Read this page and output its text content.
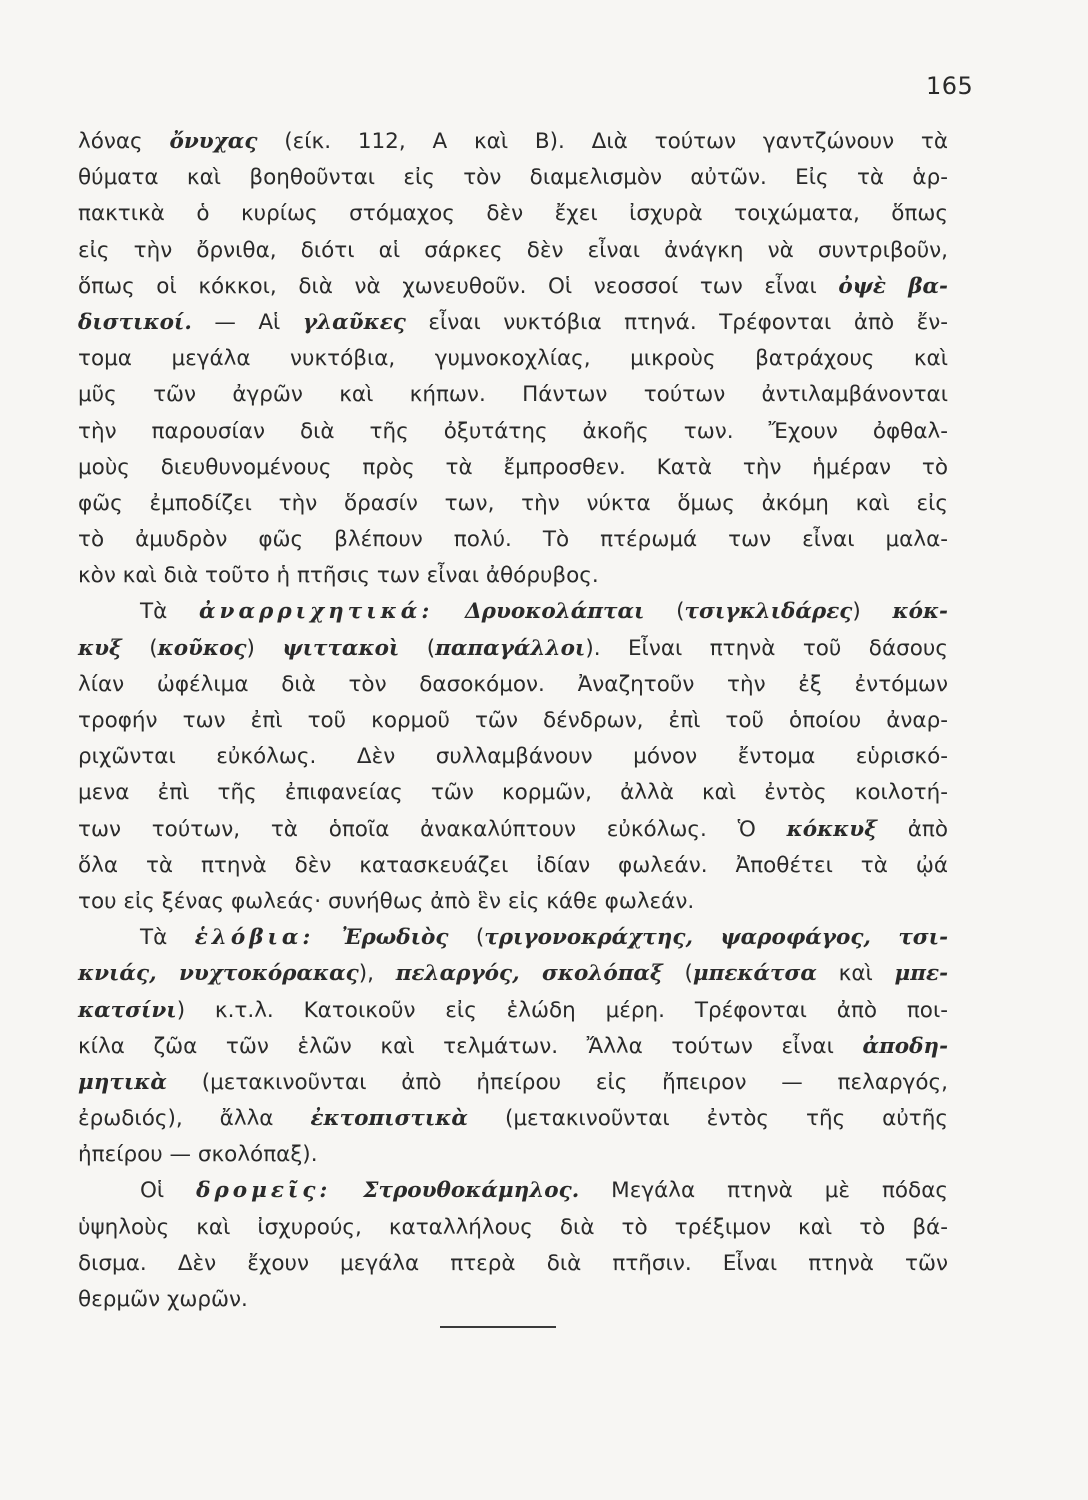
165
λόνας ὄνυχας (είκ. 112, A καὶ B). Διὰ τούτων γαντζώνουν τὰ
θύματα καὶ βοηθοῦνται εἰς τὸν διαμελισμὸν αὐτῶν. Εἰς τὰ ἁρ-
πακτικὰ ὁ κυρίως στόμαχος δὲν ἔχει ἰσχυρὰ τοιχώματα, ὅπως
εἰς τὴν ὄρνιθα, διότι αἱ σάρκες δὲν εἶναι ἀνάγκη νὰ συντριβοῦν,
ὅπως οἱ κόκκοι, διὰ νὰ χωνευθοῦν. Οἱ νεοσσοί των εἶναι ὀψὲ βα-
διστικοί. — Αἱ γλαῦκες εἶναι νυκτόβια πτηνά. Τρέφονται ἀπὸ ἔν-
τομα μεγάλα νυκτόβια, γυμνοκοχλίας, μικροὺς βατράχους καὶ
μῦς τῶν ἀγρῶν καὶ κήπων. Πάντων τούτων ἀντιλαμβάνονται
τὴν παρουσίαν διὰ τῆς ὀξυτάτης ἀκοῆς των. Ἔχουν ὀφθαλ-
μοὺς διευθυνομένους πρὸς τὰ ἔμπροσθεν. Κατὰ τὴν ἡμέραν τὸ
φῶς ἐμποδίζει τὴν ὅρασίν των, τὴν νύκτα ὅμως ἀκόμη καὶ εἰς
τὸ ἀμυδρὸν φῶς βλέπουν πολύ. Τὸ πτέρωμά των εἶναι μαλα-
κὸν καὶ διὰ τοῦτο ἡ πτῆσις των εἶναι ἀθόρυβος.
Τὰ ἀναρριχητικά: Δρυοκολάπται (τσιγκλιδάρες) κόκ-
κυξ (κοῦκος) ψιττακοὶ (παπαγάλλοι). Εἶναι πτηνὰ τοῦ δάσους
λίαν ὠφέλιμα διὰ τὸν δασοκόμον. Ἀναζητοῦν τὴν ἐξ ἐντόμων
τροφήν των ἐπὶ τοῦ κορμοῦ τῶν δένδρων, ἐπὶ τοῦ ὁποίου ἀναρ-
ριχῶνται εὐκόλως. Δὲν συλλαμβάνουν μόνον ἔντομα εὑρισκό-
μενα ἐπὶ τῆς ἐπιφανείας τῶν κορμῶν, ἀλλὰ καὶ ἐντὸς κοιλοτή-
των τούτων, τὰ ὁποῖα ἀνακαλύπτουν εὐκόλως. Ὁ κόκκυξ ἀπὸ
ὅλα τὰ πτηνὰ δὲν κατασκευάζει ἰδίαν φωλεάν. Ἀποθέτει τὰ ᾠά
του εἰς ξένας φωλεάς· συνήθως ἀπὸ ἓν εἰς κάθε φωλεάν.
Τὰ ἑλόβια: Ἐρωδιὸς (τριγονοκράχτης, ψαροφάγος, τσι-
κνιάς, νυχτοκόρακας), πελαργός, σκολόπαξ (μπεκάτσα καὶ μπε-
κατσίνι) κ.τ.λ. Κατοικοῦν εἰς ἑλώδη μέρη. Τρέφονται ἀπὸ ποι-
κίλα ζῶα τῶν ἑλῶν καὶ τελμάτων. Ἄλλα τούτων εἶναι ἀποδη-
μητικὰ (μετακινοῦνται ἀπὸ ἠπείρου εἰς ἤπειρον — πελαργός,
ἐρωδιός), ἄλλα ἐκτοπιστικὰ (μετακινοῦνται ἐντὸς τῆς αὐτῆς
ἠπείρου — σκολόπαξ).
Οἱ δρομεῖς: Στρουθοκάμηλος. Μεγάλα πτηνὰ μὲ πόδας
ὑψηλοὺς καὶ ἰσχυρούς, καταλλήλους διὰ τὸ τρέξιμον καὶ τὸ βά-
δισμα. Δὲν ἔχουν μεγάλα πτερὰ διὰ πτῆσιν. Εἶναι πτηνὰ τῶν
θερμῶν χωρῶν.
